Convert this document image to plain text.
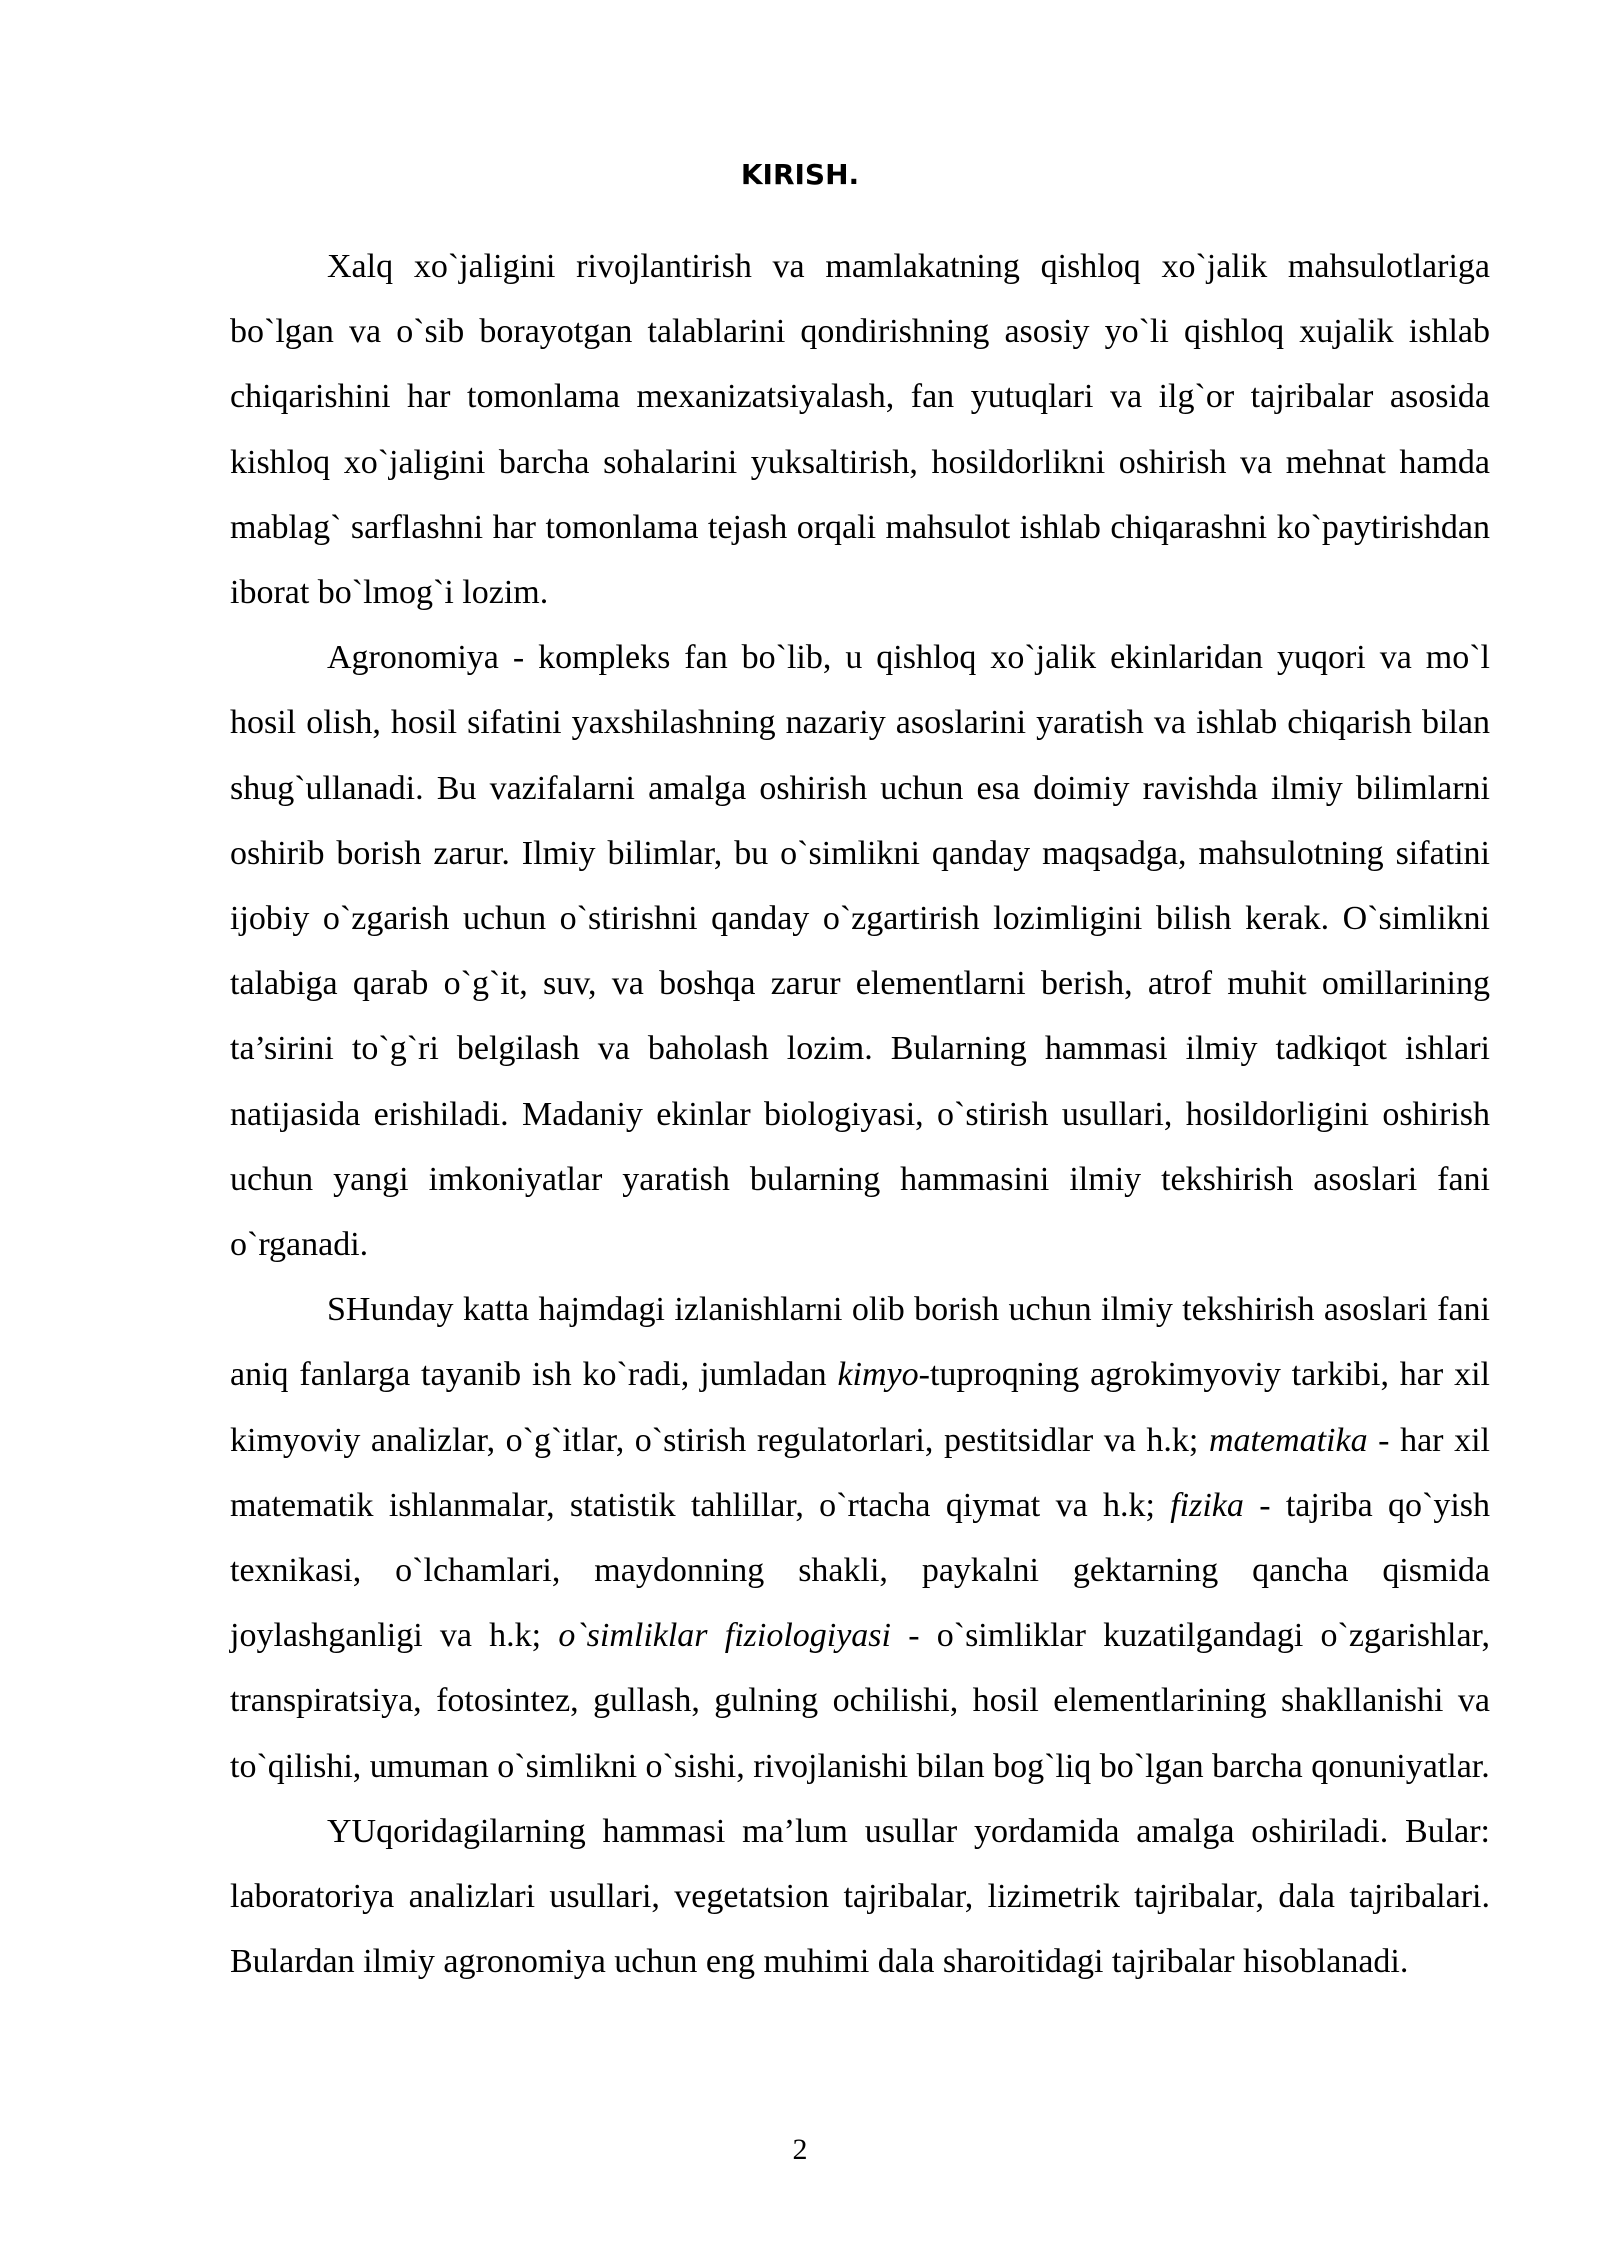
KIRISH.

Xalq xo`jaligini rivojlantirish va mamlakatning qishloq xo`jalik mahsulotlariga bo`lgan va o`sib borayotgan talablarini qondirishning asosiy yo`li qishloq xujalik ishlab chiqarishini har tomonlama mexanizatsiyalash, fan yutuqlari va ilg`or tajribalar asosida kishloq xo`jaligini barcha sohalarini yuksaltirish, hosildorlikni oshirish va mehnat hamda mablag` sarflashni har tomonlama tejash orqali mahsulot ishlab chiqarashni ko`paytirishdan iborat bo`lmog`i lozim.

Agronomiya - kompleks fan bo`lib, u qishloq xo`jalik ekinlaridan yuqori va mo`l hosil olish, hosil sifatini yaxshilashning nazariy asoslarini yaratish va ishlab chiqarish bilan shug`ullanadi. Bu vazifalarni amalga oshirish uchun esa doimiy ravishda ilmiy bilimlarni oshirib borish zarur. Ilmiy bilimlar, bu o`simlikni qanday maqsadga, mahsulotning sifatini ijobiy o`zgarish uchun o`stirishni qanday o`zgartirish lozimligini bilish kerak. O`simlikni talabiga qarab o`g`it, suv, va boshqa zarur elementlarni berish, atrof muhit omillarining ta’sirini to`g`ri belgilash va baholash lozim. Bularning hammasi ilmiy tadkiqot ishlari natijasida erishiladi. Madaniy ekinlar biologiyasi, o`stirish usullari, hosildorligini oshirish uchun yangi imkoniyatlar yaratish bularning hammasini ilmiy tekshirish asoslari fani o`rganadi.

SHunday katta hajmdagi izlanishlarni olib borish uchun ilmiy tekshirish asoslari fani aniq fanlarga tayanib ish ko`radi, jumladan kimyo-tuproqning agrokimyoviy tarkibi, har xil kimyoviy analizlar, o`g`itlar, o`stirish regulatorlari, pestitsidlar va h.k; matematika - har xil matematik ishlanmalar, statistik tahlillar, o`rtacha qiymat va h.k; fizika - tajriba qo`yish texnikasi, o`lchamlari, maydonning shakli, paykalni gektarning qancha qismida joylashganligi va h.k; o`simliklar fiziologiyasi - o`simliklar kuzatilgandagi o`zgarishlar, transpiratsiya, fotosintez, gullash, gulning ochilishi, hosil elementlarining shakllanishi va to`qilishi, umuman o`simlikni o`sishi, rivojlanishi bilan bog`liq bo`lgan barcha qonuniyatlar.

YUqoridagilarning hammasi ma’lum usullar yordamida amalga oshiriladi. Bular: laboratoriya analizlari usullari, vegetatsion tajribalar, lizimetrik tajribalar, dala tajribalari. Bulardan ilmiy agronomiya uchun eng muhimi dala sharoitidagi tajribalar hisoblanadi.

2
